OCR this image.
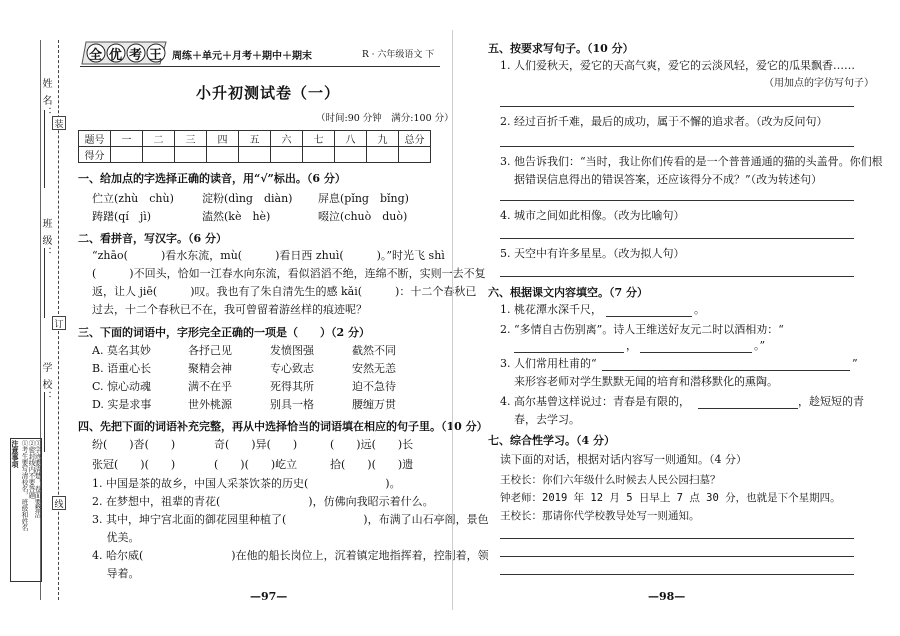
姓 名：
班 级：
学 校：
装
订
线
注意事项 ①考生要写清校名，班级和姓名 ②密封线内不要答题
③字迹要清楚，卷面要整洁
全 优 考 王 周练＋单元＋月考＋期中＋期末	R · 六年级语文 下
小升初测试卷（一）
（时间:90 分钟　满分:100 分）
题号	一	二	三	四	五	六	七	八	九	总分
得分										
一、给加点的字选择正确的读音，用“√”标出。（6 分）
伫立(zhù　chù)	淀粉(dìng　diàn) 屏息(pǐng　bǐng)
踌躇(qí　jì)	溘然(kè　hè)	啜泣(chuò　duò)
二、看拼音，写汉字。（6 分）
“zhāo(　　　)看水东流，mù(　　　)看日西 zhuì(　　　)。”时光飞 shì
(　　　)不回头，恰如一江春水向东流，看似滔滔不绝，连绵不断，实则一去不复
返，让人 jiē(　　　)叹。我也有了朱自清先生的感 kǎi(　　　)：十二个春秋已
过去，十二个春秋已不在，我可曾留着游丝样的痕迹呢？
三、下面的词语中，字形完全正确的一项是（　　）（2 分）
A. 莫名其妙	各抒己见	发愤图强	截然不同
B. 语重心长	聚精会神	专心致志	安然无恙
C. 惊心动魂	满不在乎	死得其所	迫不急待
D. 实是求事	世外桃源	别具一格	腰缠万贯
四、先把下面的词语补充完整，再从中选择恰当的词语填在相应的句子里。（10 分）
纷(　　)沓(　　)	奇(　　)异(　　)	(　　)远(　　)长
张冠(　　)(　　)	(　　)(　　)屹立	拾(　　)(　　)遗
1. 中国是茶的故乡，中国人采茶饮茶的历史(　　　　　　　)。
2. 在梦想中，祖辈的青花(　　　　　　　　)，仿佛向我昭示着什么。
3. 其中，坤宁宫北面的御花园里种植了(　　　　　　　)，布满了山石亭阁，景色
　 优美。
4. 哈尔威(　　　　　　　　)在他的船长岗位上，沉着镇定地指挥着，控制着，领
　 导着。
—97—
五、按要求写句子。（10 分）
1. 人们爱秋天，爱它的天高气爽，爱它的云淡风轻，爱它的瓜果飘香……
（用加点的字仿写句子）
2. 经过百折千难，最后的成功，属于不懈的追求者。（改为反问句）
3. 他告诉我们：“当时，我让你们传看的是一个普普通通的猫的头盖骨。你们根
据错误信息得出的错误答案，还应该得分不成？”（改为转述句）
4. 城市之间如此相像。（改为比喻句）
5. 天空中有许多星星。（改为拟人句）
六、根据课文内容填空。（7 分）
1. 桃花潭水深千尺，	。
2. “多情自古伤别离”。诗人王维送好友元二时以酒相劝：“
，	。”
3. 人们常用杜甫的“	”
来形容老师对学生默默无闻的培育和潜移默化的熏陶。
4. 高尔基曾这样说过：青春是有限的，	，趁短短的青
春，去学习。
七、综合性学习。（4 分）
读下面的对话，根据对话内容写一则通知。（4 分）
王校长：你们六年级什么时候去人民公园扫墓？
钟老师：2019 年 12 月 5 日早上 7 点 30 分，也就是下个星期四。
王校长：那请你代学校教导处写一则通知。
—98—
